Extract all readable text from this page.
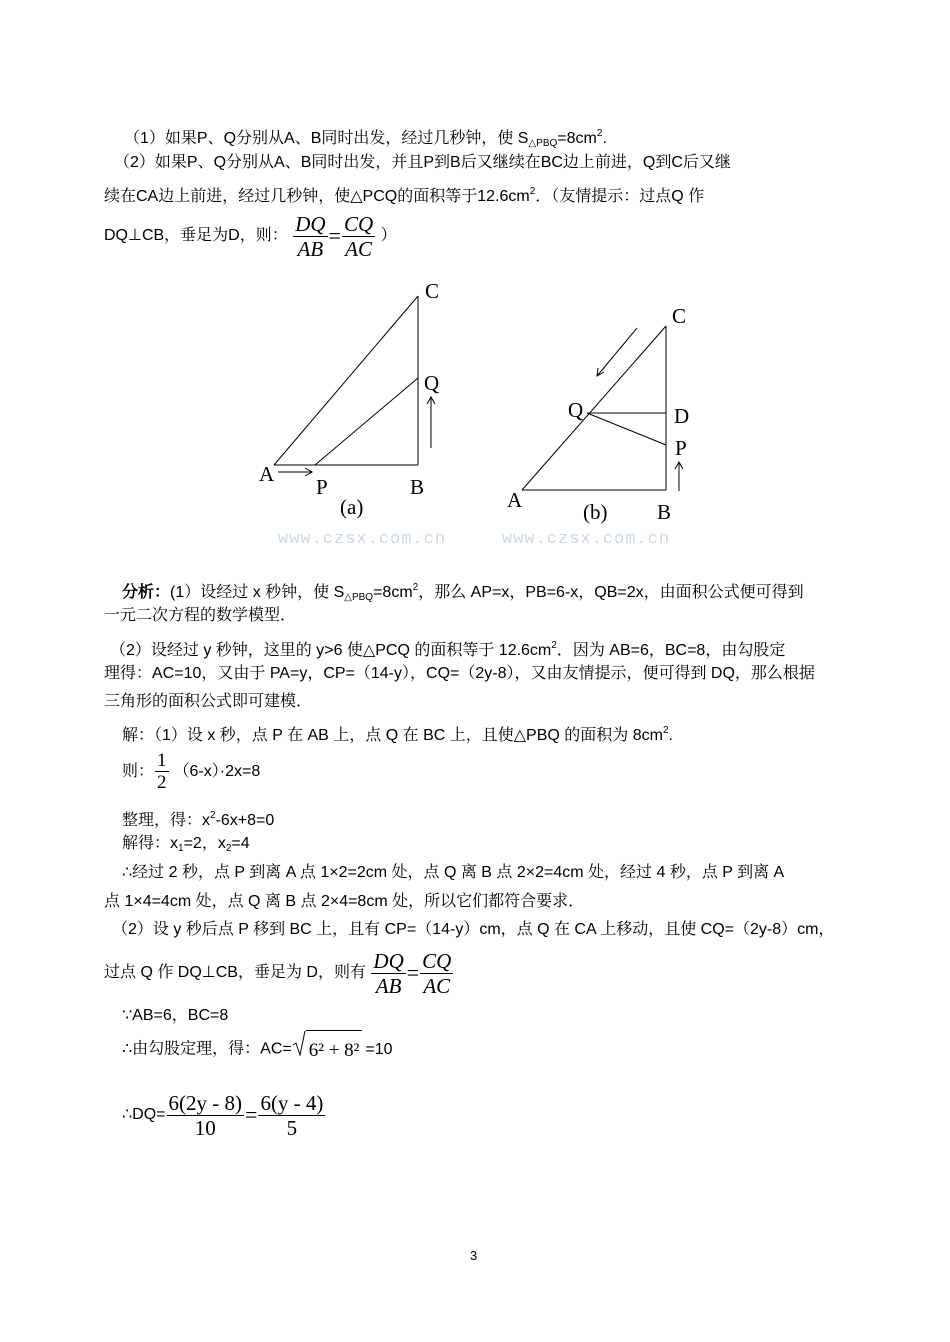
（1）如果P、Q分别从A、B同时出发，经过几秒钟，使 $S_{\triangle PBQ}=8cm^2$.
（2）如果P、Q分别从A、B同时出发，并且P到B后又继续在BC边上前进，Q到C后又继
续在CA边上前进，经过几秒钟，使△PCQ的面积等于$12.6cm^2$．（友情提示：过点Q 作
DQ⊥CB，垂足为D，则： $\frac{DQ}{AB} = \frac{CQ}{AC}$ ）
C
Q
A
P	B
(a)
C
Q	D
P
A	B
(b)
www.czsx.com.cn	www.czsx.com.cn
分析：(1）设经过 x 秒钟，使 $S_{\triangle PBQ}=8cm^2$，那么 AP=x，PB=6-x，QB=2x，由面积公式便可得到
一元二次方程的数学模型．
（2）设经过 y 秒钟，这里的 y>6 使△PCQ 的面积等于 $12.6cm^2$．因为 AB=6，BC=8，由勾股定
理得：AC=10，又由于 PA=y，CP=（14-y），CQ=（2y-8），又由友情提示，便可得到 DQ，那么根据
三角形的面积公式即可建模．
解：（1）设 x 秒，点 P 在 AB 上，点 Q 在 BC 上，且使△PBQ 的面积为 $8cm^2$.
则： $\frac{1}{2} (6-x)\cdot 2x=8$
整理，得：$x^2-6x+8=0$
解得：$x_1=2$，$x_2=4$
∴经过 2 秒，点 P 到离 A 点 1×2=2cm 处，点 Q 离 B 点 2×2=4cm 处，经过 4 秒，点 P 到离 A
点 1×4=4cm 处，点 Q 离 B 点 2×4=8cm 处，所以它们都符合要求．
（2）设 y 秒后点 P 移到 BC 上，且有 CP=（14-y）cm，点 Q 在 CA 上移动，且使 CQ=（2y-8）cm，
过点 Q 作 DQ⊥CB，垂足为 D，则有 $\frac{DQ}{AB} = \frac{CQ}{AC}$
∵AB=6，BC=8
∴由勾股定理，得：AC= 6² + 8² =10
∴DQ= $\frac{6(2y - 8)}{10} = \frac{6(y - 4)}{5}$
3
